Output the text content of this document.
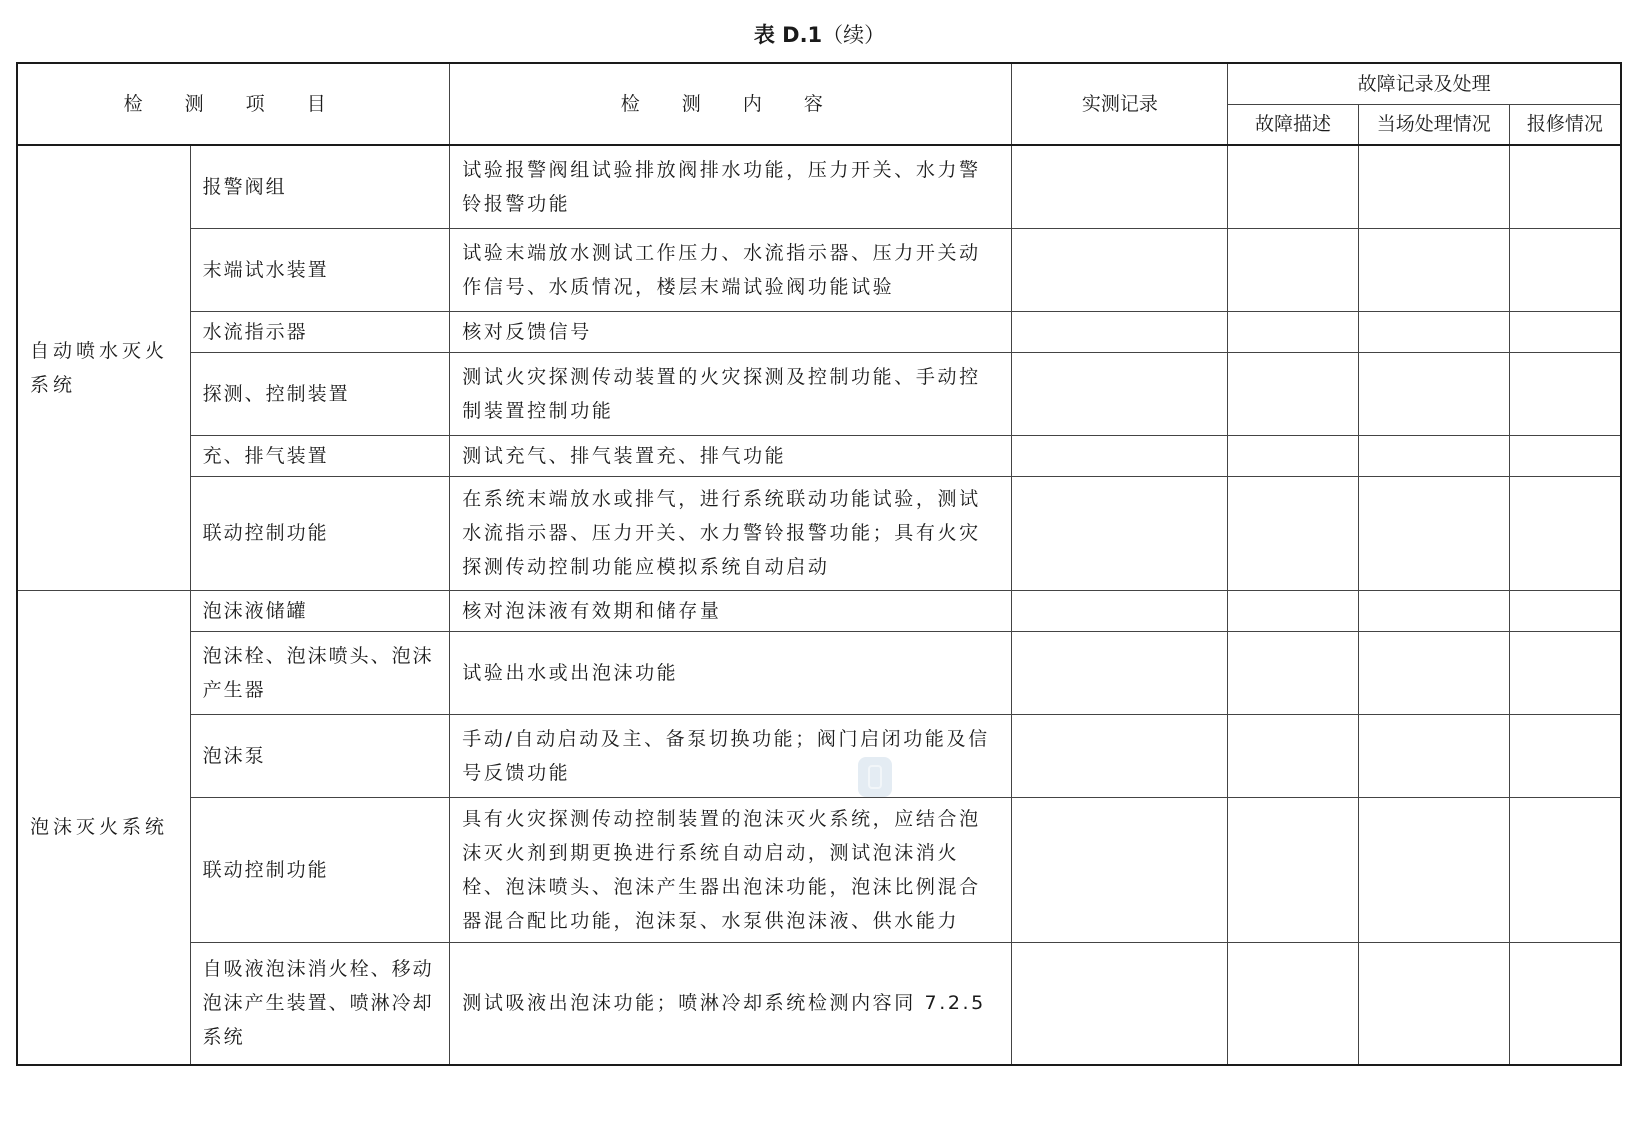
表 D.1（续）
检 测 项 目		检 测 内 容	实测记录	故障记录及处理		
				故障描述	当场处理情况	报修情况
自动喷水灭火系统	报警阀组	试验报警阀组试验排放阀排水功能，压力开关、水力警铃报警功能				
	末端试水装置	试验末端放水测试工作压力、水流指示器、压力开关动作信号、水质情况，楼层末端试验阀功能试验				
	水流指示器	核对反馈信号				
	探测、控制装置	测试火灾探测传动装置的火灾探测及控制功能、手动控制装置控制功能				
	充、排气装置	测试充气、排气装置充、排气功能				
	联动控制功能	在系统末端放水或排气，进行系统联动功能试验，测试水流指示器、压力开关、水力警铃报警功能；具有火灾探测传动控制功能应模拟系统自动启动				
泡沫灭火系统	泡沫液储罐	核对泡沫液有效期和储存量				
	泡沫栓、泡沫喷头、泡沫产生器	试验出水或出泡沫功能				
	泡沫泵	手动/自动启动及主、备泵切换功能；阀门启闭功能及信号反馈功能				
	联动控制功能	具有火灾探测传动控制装置的泡沫灭火系统，应结合泡沫灭火剂到期更换进行系统自动启动，测试泡沫消火栓、泡沫喷头、泡沫产生器出泡沫功能，泡沫比例混合器混合配比功能，泡沫泵、水泵供泡沫液、供水能力				
	自吸液泡沫消火栓、移动泡沫产生装置、喷淋冷却系统	测试吸液出泡沫功能；喷淋冷却系统检测内容同 7.2.5				
